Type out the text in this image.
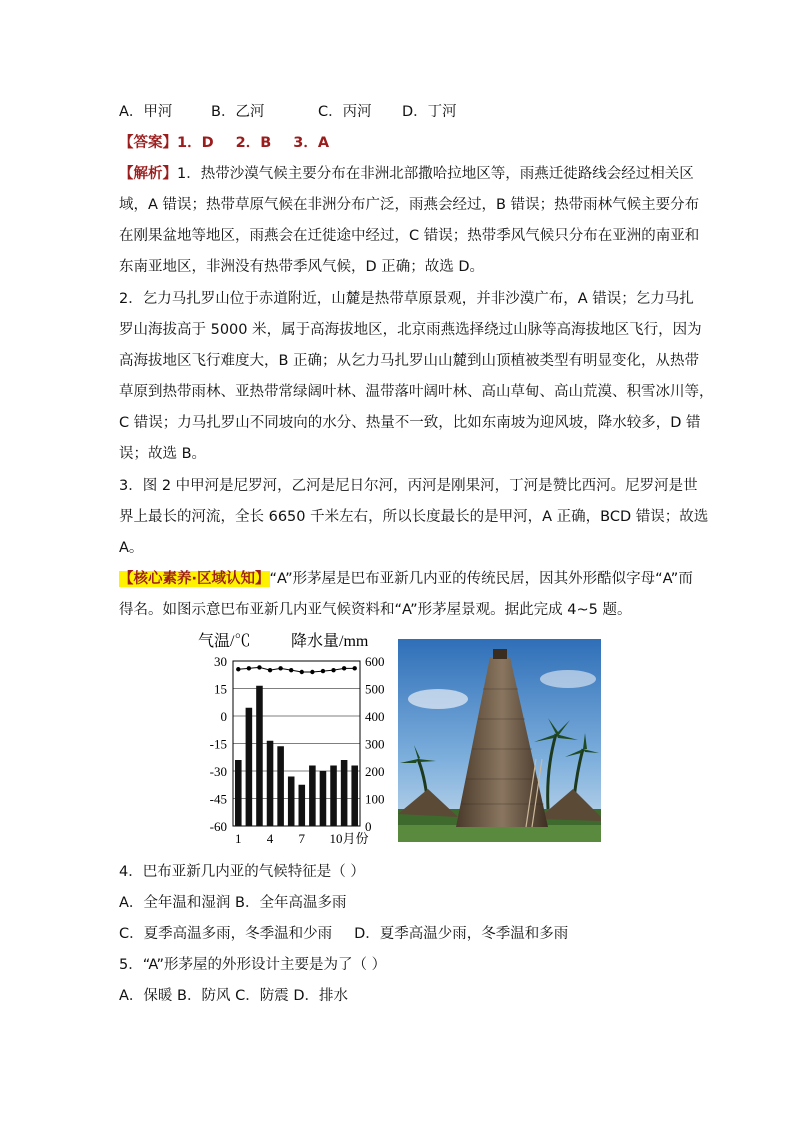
A．甲河	B．乙河	C．丙河 D．丁河
【答案】1．D 2．B 3．A
【解析】1．热带沙漠气候主要分布在非洲北部撒哈拉地区等，雨燕迁徙路线会经过相关区
域，A 错误；热带草原气候在非洲分布广泛，雨燕会经过，B 错误；热带雨林气候主要分布
在刚果盆地等地区，雨燕会在迁徙途中经过，C 错误；热带季风气候只分布在亚洲的南亚和
东南亚地区，非洲没有热带季风气候，D 正确；故选 D。
2．乞力马扎罗山位于赤道附近，山麓是热带草原景观，并非沙漠广布，A 错误；乞力马扎
罗山海拔高于 5000 米，属于高海拔地区，北京雨燕选择绕过山脉等高海拔地区飞行，因为
高海拔地区飞行难度大，B 正确；从乞力马扎罗山山麓到山顶植被类型有明显变化，从热带
草原到热带雨林、亚热带常绿阔叶林、温带落叶阔叶林、高山草甸、高山荒漠、积雪冰川等，
C 错误；力马扎罗山不同坡向的水分、热量不一致，比如东南坡为迎风坡，降水较多，D 错
误；故选 B。
3．图 2 中甲河是尼罗河，乙河是尼日尔河，丙河是刚果河，丁河是赞比西河。尼罗河是世
界上最长的河流，全长 6650 千米左右，所以长度最长的是甲河，A 正确，BCD 错误；故选
A。
【核心素养·区域认知】“A”形茅屋是巴布亚新几内亚的传统民居，因其外形酷似字母“A”而
得名。如图示意巴布亚新几内亚气候资料和“A”形茅屋景观。据此完成 4~5 题。
气温/℃	降水量/mm
30	600
15	500
0	400
-15	300
-30	200
-45	100
-60	0
1 4 7 10月份
4．巴布亚新几内亚的气候特征是（ ）
A．全年温和湿润 B．全年高温多雨
C．夏季高温多雨，冬季温和少雨 D．夏季高温少雨，冬季温和多雨
5．“A”形茅屋的外形设计主要是为了（ ）
A．保暖 B．防风 C．防震 D．排水
